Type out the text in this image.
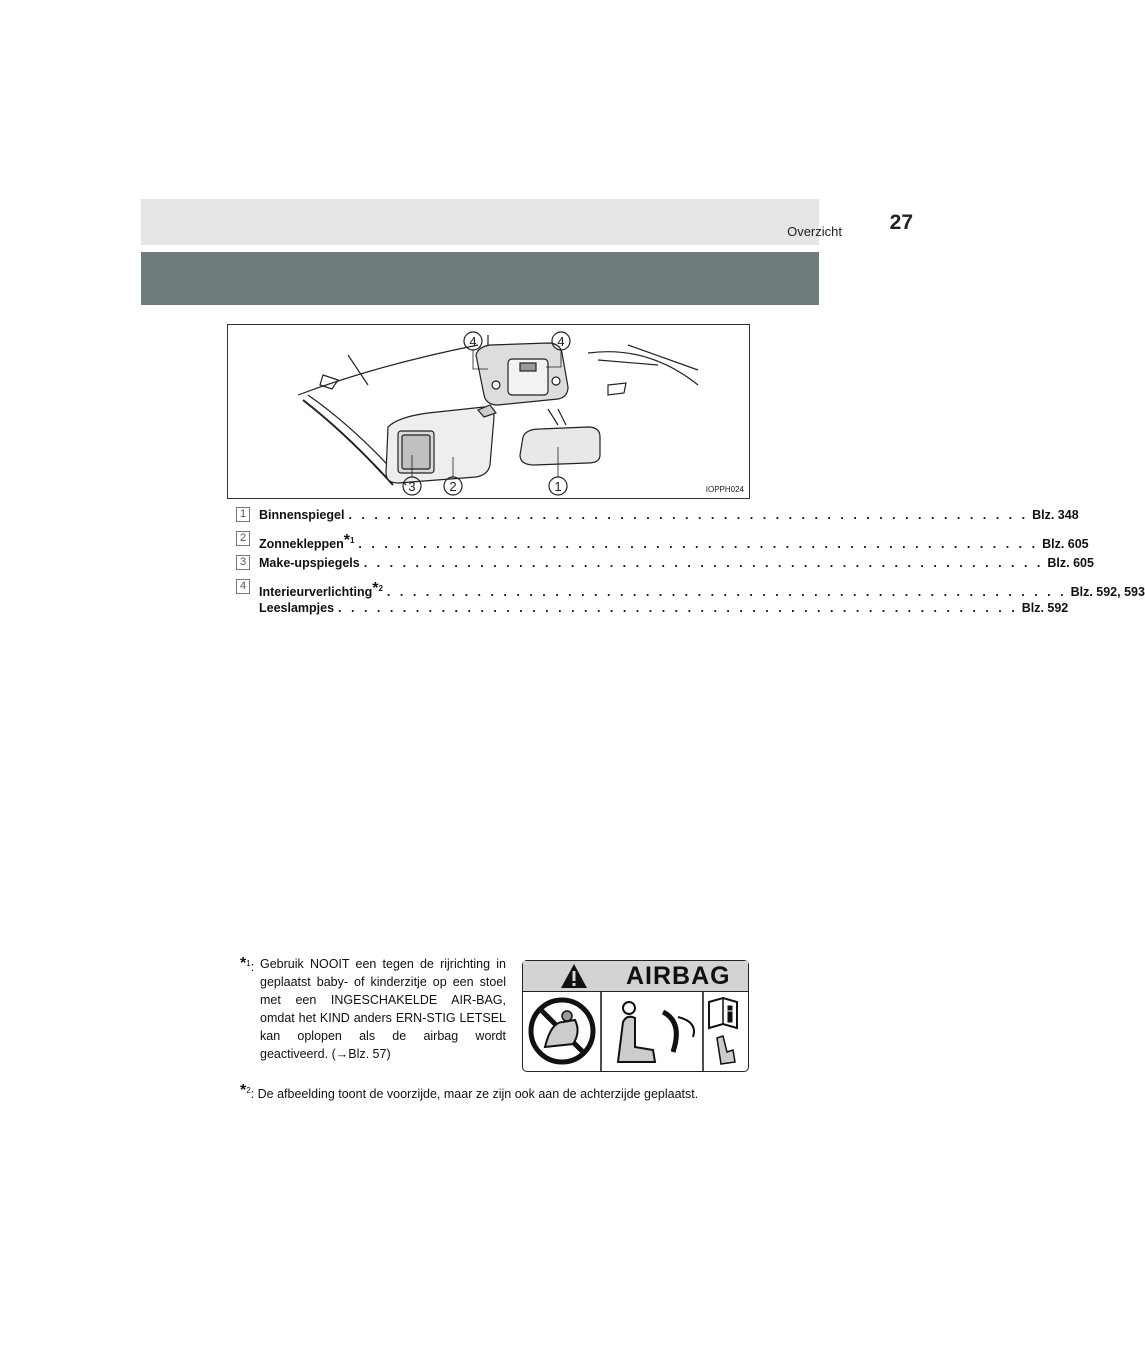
Overzicht 27
4	4
3	2	1	IOPPH024
1	Binnenspiegel . . . . . . . . . . . . . . . . . . . . . . . . . . . . . . . . . . . . . . . . . . . . . . . . . . . . . Blz. 348
2	Zonnekleppen*$^1$ . . . . . . . . . . . . . . . . . . . . . . . . . . . . . . . . . . . . . . . . . . . . . . . . . . . . . Blz. 605
3	Make-upspiegels . . . . . . . . . . . . . . . . . . . . . . . . . . . . . . . . . . . . . . . . . . . . . . . . . . . . . Blz. 605
4	Interieurverlichting*$^2$ . . . . . . . . . . . . . . . . . . . . . . . . . . . . . . . . . . . . . . . . . . . . . . . . . . . . . Blz. 592, 593
Leeslampjes . . . . . . . . . . . . . . . . . . . . . . . . . . . . . . . . . . . . . . . . . . . . . . . . . . . . . Blz. 592
*$^1$: Gebruik NOOIT een tegen de rijrichting in geplaatst baby- of kinderzitje op een stoel met een INGESCHAKELDE AIR-BAG, omdat het KIND anders ERN-STIG LETSEL kan oplopen als de airbag wordt geactiveerd. (→Blz. 57)
AIRBAG
*$^2$: De afbeelding toont de voorzijde, maar ze zijn ook aan de achterzijde geplaatst.
